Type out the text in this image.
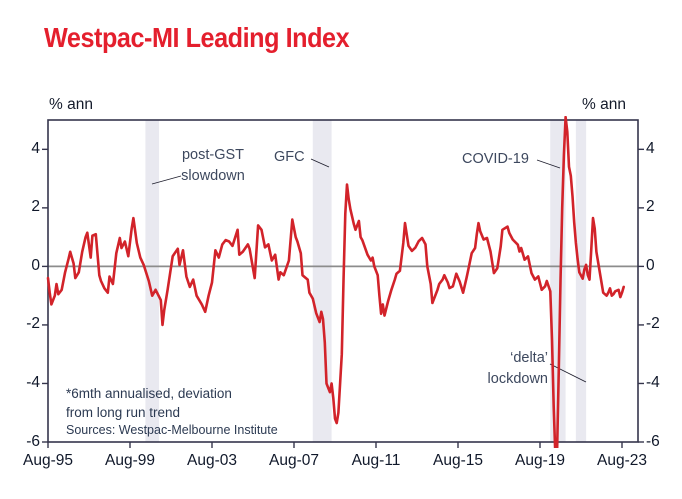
Westpac-MI Leading Index
% ann	% ann
post-GST
slowdown
GFC	COVID-19
‘delta’
lockdown
*6mth annualised, deviation
from long run trend
Sources: Westpac-Melbourne Institute
4	4
2	2
0	0
-2	-2
-4	-4
-6	-6
Aug-95	Aug-99	Aug-03	Aug-07	Aug-11	Aug-15	Aug-19	Aug-23
